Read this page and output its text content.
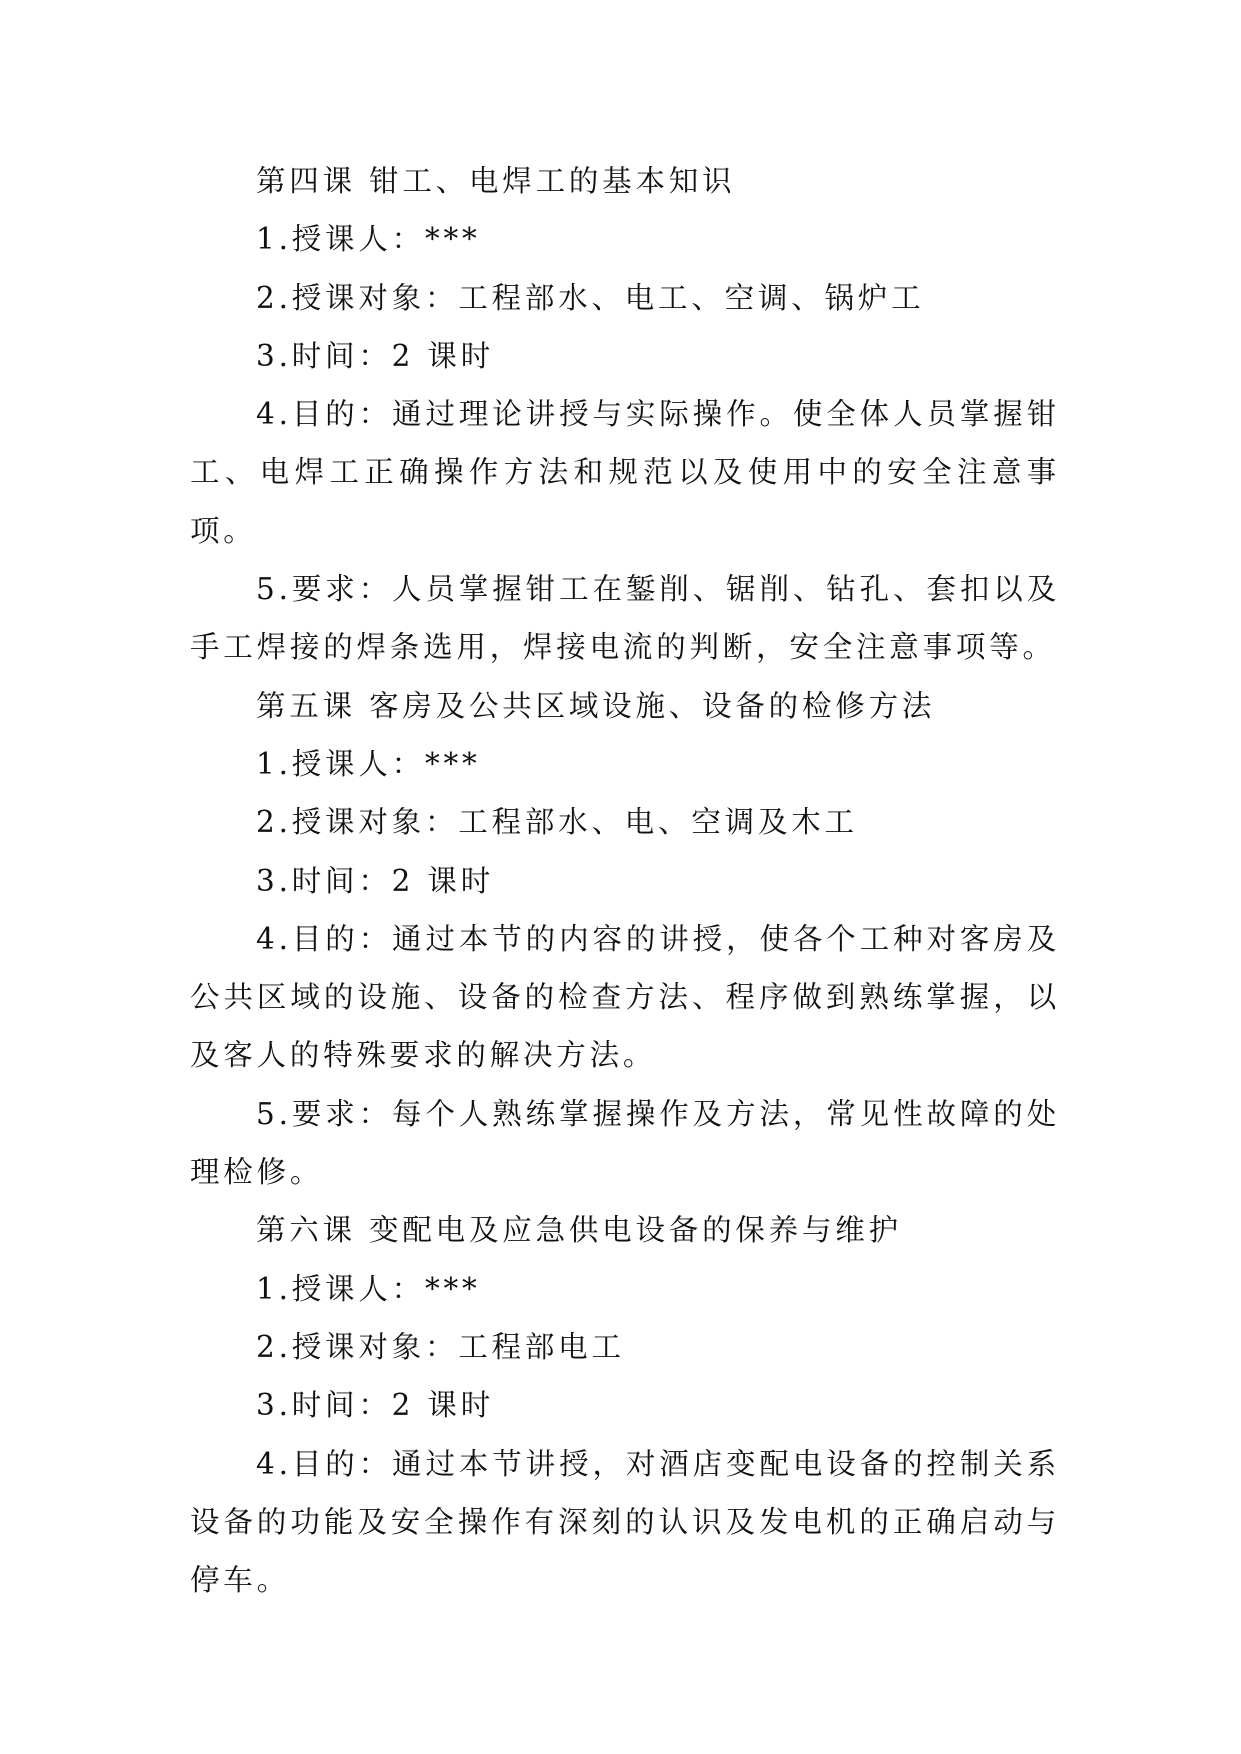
第四课 钳工、电焊工的基本知识

1.授课人：***

2.授课对象：工程部水、电工、空调、锅炉工

3.时间：2 课时

4.目的：通过理论讲授与实际操作。使全体人员掌握钳工、电焊工正确操作方法和规范以及使用中的安全注意事项。

5.要求：人员掌握钳工在錾削、锯削、钻孔、套扣以及手工焊接的焊条选用，焊接电流的判断，安全注意事项等。

第五课 客房及公共区域设施、设备的检修方法

1.授课人：***

2.授课对象：工程部水、电、空调及木工

3.时间：2 课时

4.目的：通过本节的内容的讲授，使各个工种对客房及公共区域的设施、设备的检查方法、程序做到熟练掌握，以及客人的特殊要求的解决方法。

5.要求：每个人熟练掌握操作及方法，常见性故障的处理检修。

第六课 变配电及应急供电设备的保养与维护

1.授课人：***

2.授课对象：工程部电工

3.时间：2 课时

4.目的：通过本节讲授，对酒店变配电设备的控制关系设备的功能及安全操作有深刻的认识及发电机的正确启动与停车。
